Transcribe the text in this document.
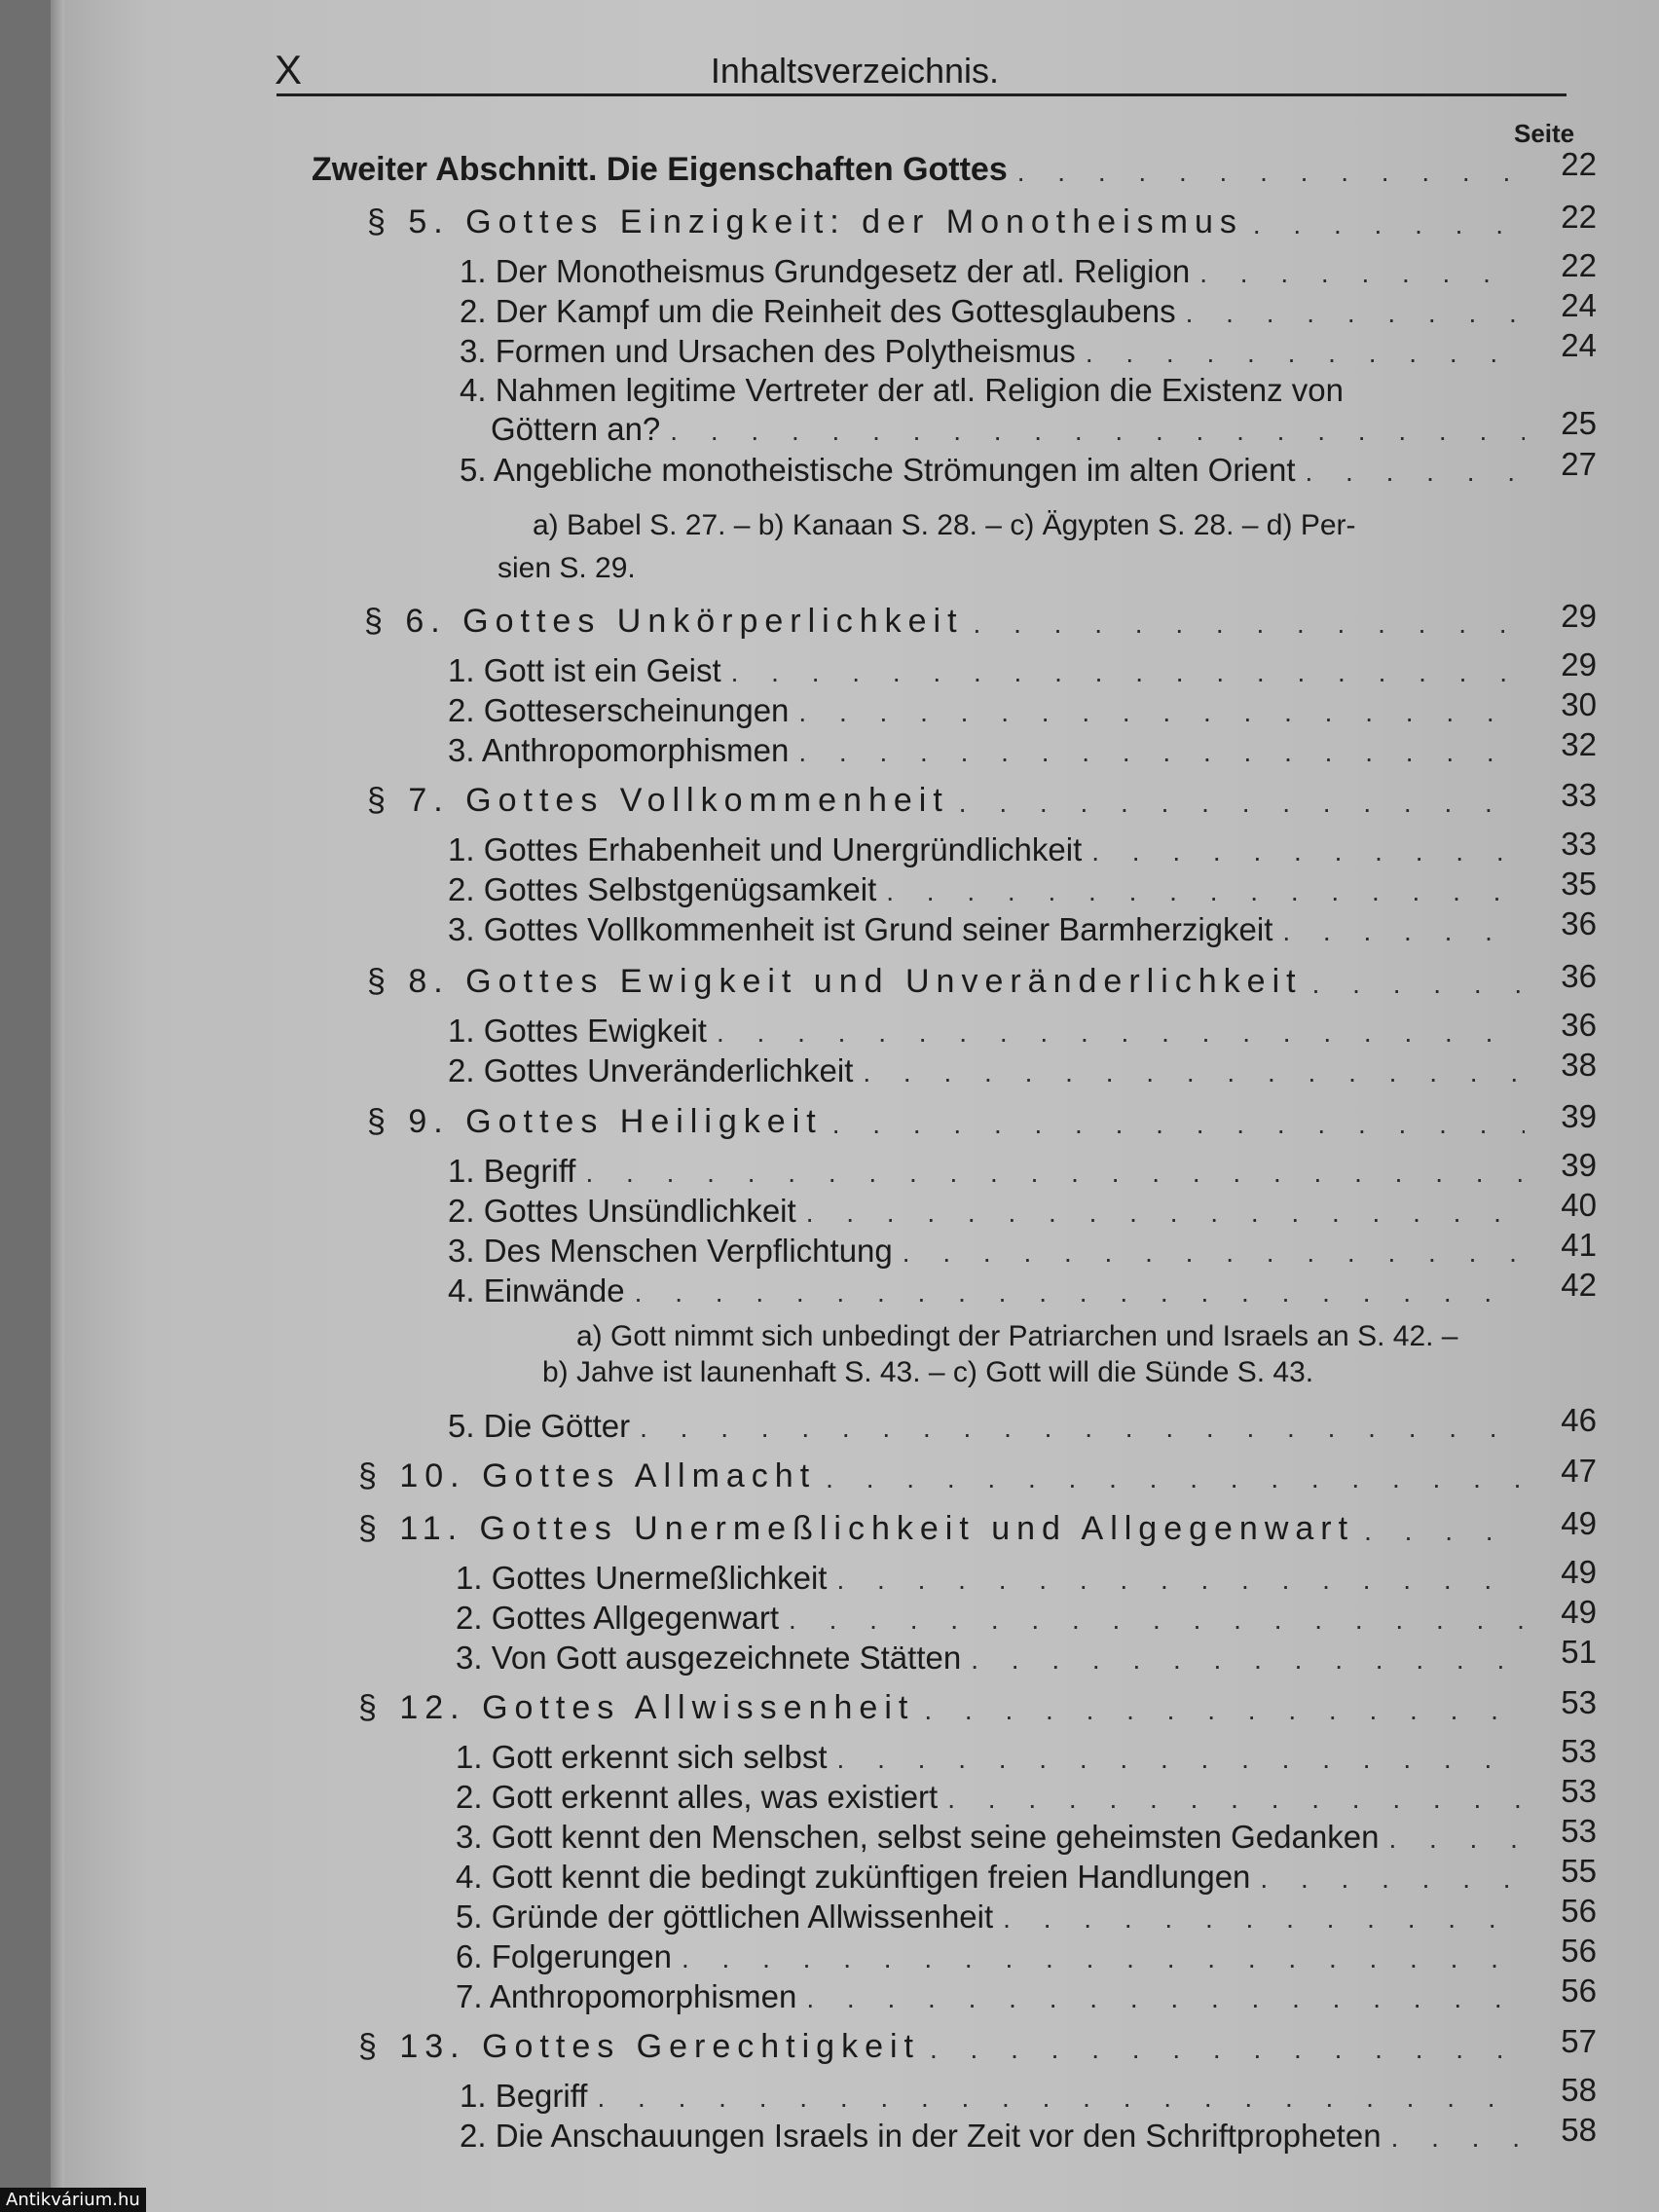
X	Inhaltsverzeichnis.
Seite
Zweiter Abschnitt. Die Eigenschaften Gottes . . .	22
§ 5. Gottes Einzigkeit: der Monotheismus . . .	22
1. Der Monotheismus Grundgesetz der atl. Religion . . .	22
2. Der Kampf um die Reinheit des Gottesglaubens . . .	24
3. Formen und Ursachen des Polytheismus . . .	24
4. Nahmen legitime Vertreter der atl. Religion die Existenz von
Göttern an? . . .	25
5. Angebliche monotheistische Strömungen im alten Orient . . .	27
a) Babel S. 27. – b) Kanaan S. 28. – c) Ägypten S. 28. – d) Per-
sien S. 29.
§ 6. Gottes Unkörperlichkeit . . .	29
1. Gott ist ein Geist . . .	29
2. Gotteserscheinungen . . .	30
3. Anthropomorphismen . . .	32
§ 7. Gottes Vollkommenheit . . .	33
1. Gottes Erhabenheit und Unergründlichkeit . . .	33
2. Gottes Selbstgenügsamkeit . . .	35
3. Gottes Vollkommenheit ist Grund seiner Barmherzigkeit . . .	36
§ 8. Gottes Ewigkeit und Unveränderlichkeit . . .	36
1. Gottes Ewigkeit . . .	36
2. Gottes Unveränderlichkeit . . .	38
§ 9. Gottes Heiligkeit . . .	39
1. Begriff . . .	39
2. Gottes Unsündlichkeit . . .	40
3. Des Menschen Verpflichtung . . .	41
4. Einwände . . .	42
a) Gott nimmt sich unbedingt der Patriarchen und Israels an S. 42. –
b) Jahve ist launenhaft S. 43. – c) Gott will die Sünde S. 43.
5. Die Götter . . .	46
§ 10. Gottes Allmacht . . .	47
§ 11. Gottes Unermeßlichkeit und Allgegenwart . . .	49
1. Gottes Unermeßlichkeit . . .	49
2. Gottes Allgegenwart . . .	49
3. Von Gott ausgezeichnete Stätten . . .	51
§ 12. Gottes Allwissenheit . . .	53
1. Gott erkennt sich selbst . . .	53
2. Gott erkennt alles, was existiert . . .	53
3. Gott kennt den Menschen, selbst seine geheimsten Gedanken . . .	53
4. Gott kennt die bedingt zukünftigen freien Handlungen . . .	55
5. Gründe der göttlichen Allwissenheit . . .	56
6. Folgerungen . . .	56
7. Anthropomorphismen . . .	56
§ 13. Gottes Gerechtigkeit . . .	57
1. Begriff . . .	58
2. Die Anschauungen Israels in der Zeit vor den Schriftpropheten . . .	58
Antikvárium.hu
